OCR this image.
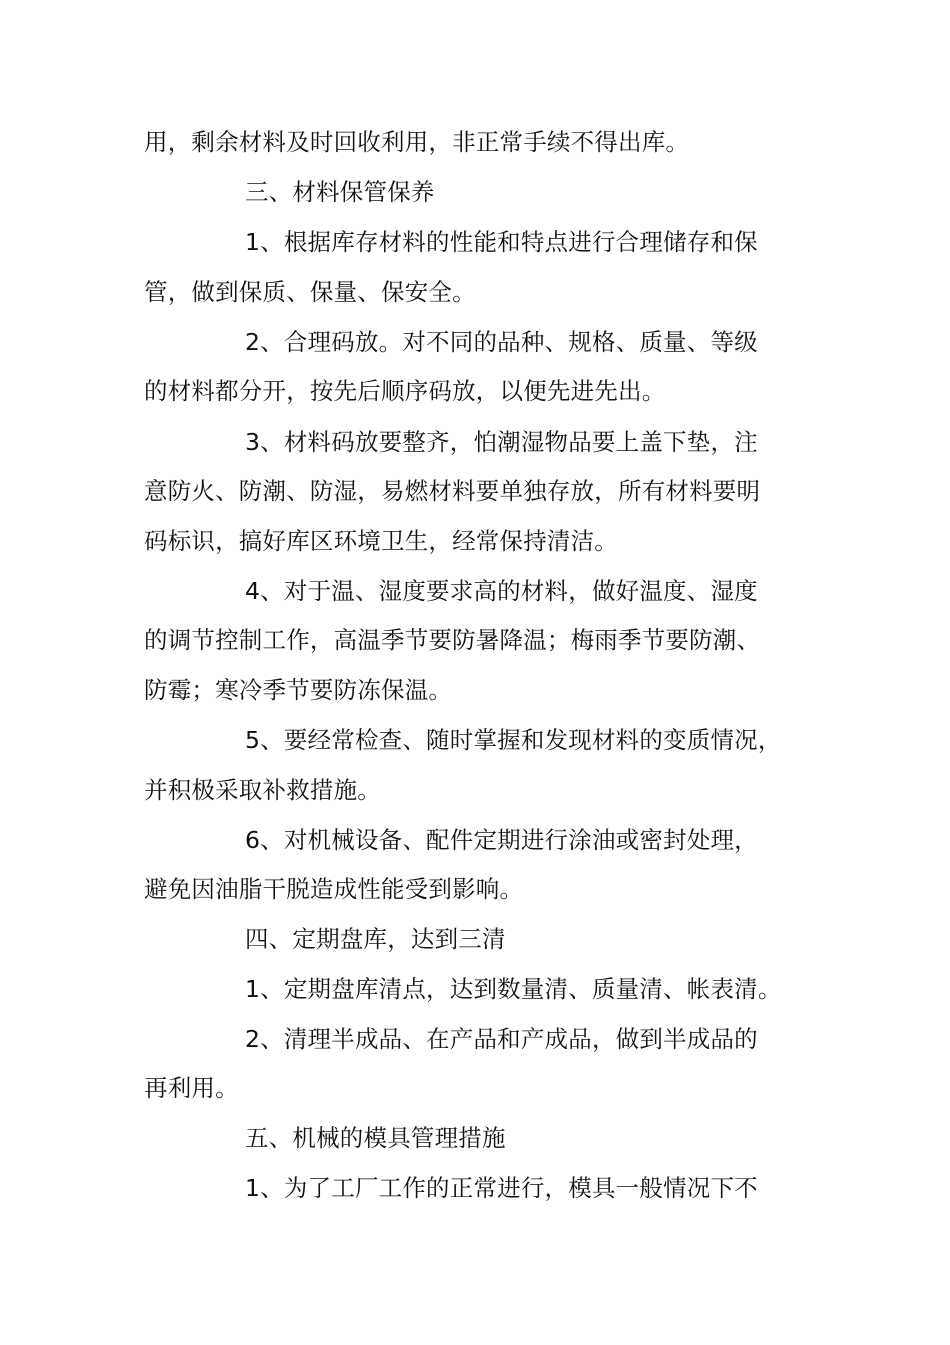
用，剩余材料及时回收利用，非正常手续不得出库。
三、材料保管保养
1、根据库存材料的性能和特点进行合理储存和保
管，做到保质、保量、保安全。
2、合理码放。对不同的品种、规格、质量、等级
的材料都分开，按先后顺序码放，以便先进先出。
3、材料码放要整齐，怕潮湿物品要上盖下垫，注
意防火、防潮、防湿，易燃材料要单独存放，所有材料要明
码标识，搞好库区环境卫生，经常保持清洁。
4、对于温、湿度要求高的材料，做好温度、湿度
的调节控制工作，高温季节要防暑降温；梅雨季节要防潮、
防霉；寒冷季节要防冻保温。
5、要经常检查、随时掌握和发现材料的变质情况，
并积极采取补救措施。
6、对机械设备、配件定期进行涂油或密封处理，
避免因油脂干脱造成性能受到影响。
四、定期盘库，达到三清
1、定期盘库清点，达到数量清、质量清、帐表清。
2、清理半成品、在产品和产成品，做到半成品的
再利用。
五、机械的模具管理措施
1、为了工厂工作的正常进行，模具一般情况下不
